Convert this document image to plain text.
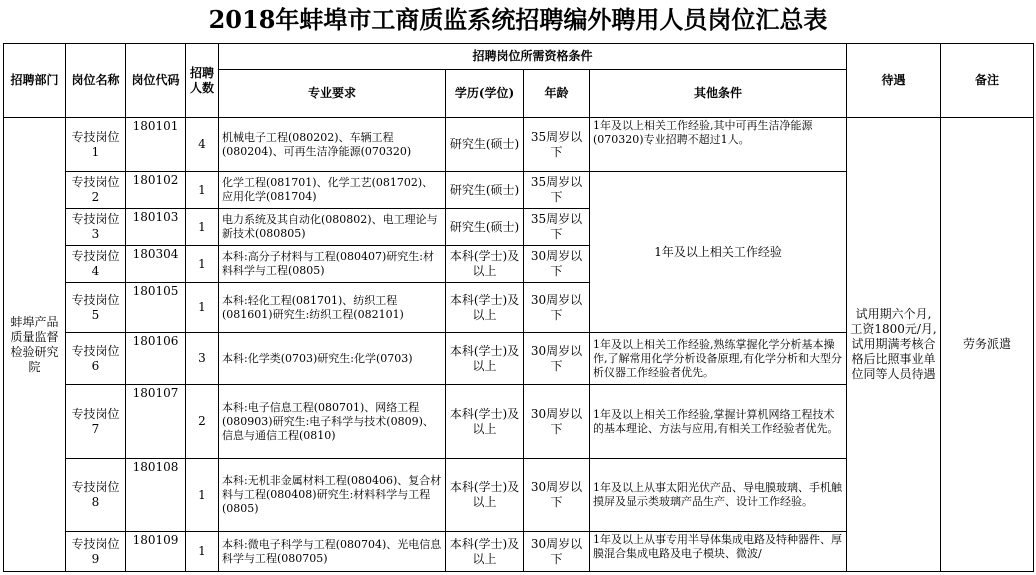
2018年蚌埠市工商质监系统招聘编外聘用人员岗位汇总表
招聘部门	岗位名称	岗位代码	招聘人数	招聘岗位所需资格条件				待遇	备注
				专业要求	学历(学位)	年龄	其他条件		
蚌埠产品质量监督检验研究院	专技岗位1	180101	4	机械电子工程(080202)、车辆工程(080204)、可再生洁净能源(070320)	研究生(硕士)	35周岁以下	1年及以上相关工作经验,其中可再生洁净能源(070320)专业招聘不超过1人。	试用期六个月,工资1800元/月,试用期满考核合格后比照事业单位同等人员待遇	劳务派遣
	专技岗位2	180102	1	化学工程(081701)、化学工艺(081702)、应用化学(081704)	研究生(硕士)	35周岁以下	1年及以上相关工作经验		
	专技岗位3	180103	1	电力系统及其自动化(080802)、电工理论与新技术(080805)	研究生(硕士)	35周岁以下			
	专技岗位4	180304	1	本科:高分子材料与工程(080407)研究生:材料科学与工程(0805)	本科(学士)及以上	30周岁以下			
	专技岗位5	180105	1	本科:轻化工程(081701)、纺织工程(081601)研究生:纺织工程(082101)	本科(学士)及以上	30周岁以下			
	专技岗位6	180106	3	本科:化学类(0703)研究生:化学(0703)	本科(学士)及以上	30周岁以下	1年及以上相关工作经验,熟练掌握化学分析基本操作,了解常用化学分析设备原理,有化学分析和大型分析仪器工作经验者优先。		
	专技岗位7	180107	2	本科:电子信息工程(080701)、网络工程(080903)研究生:电子科学与技术(0809)、信息与通信工程(0810)	本科(学士)及以上	30周岁以下	1年及以上相关工作经验,掌握计算机网络工程技术的基本理论、方法与应用,有相关工作经验者优先。		
	专技岗位8	180108	1	本科:无机非金属材料工程(080406)、复合材料与工程(080408)研究生:材料科学与工程(0805)	本科(学士)及以上	30周岁以下	1年及以上从事太阳光伏产品、导电膜玻璃、手机触摸屏及显示类玻璃产品生产、设计工作经验。		
	专技岗位9	180109	1	本科:微电子科学与工程(080704)、光电信息科学与工程(080705)	本科(学士)及以上	30周岁以下	1年及以上从事专用半导体集成电路及特种器件、厚膜混合集成电路及电子模块、微波/		
